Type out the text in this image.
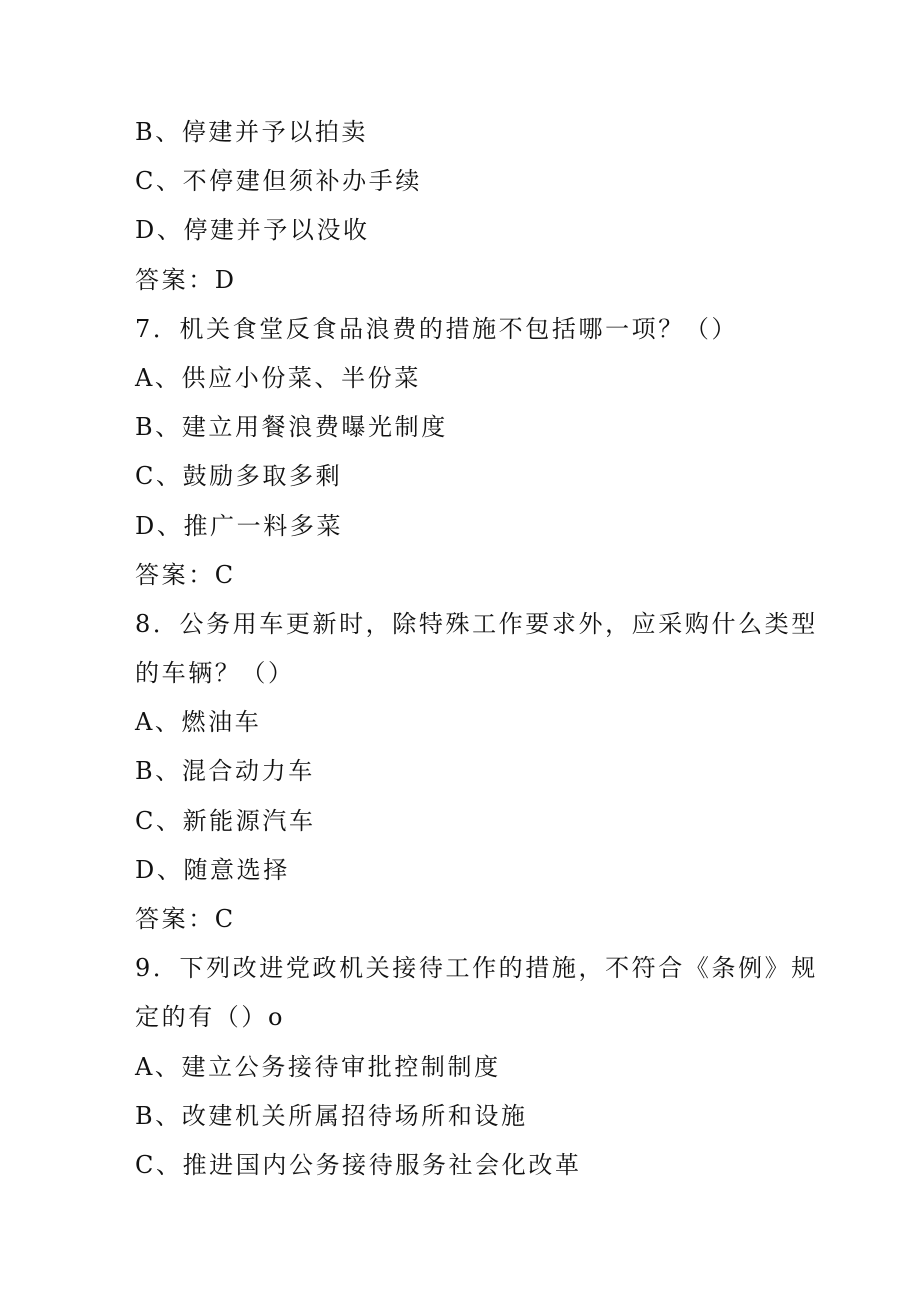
B、停建并予以拍卖
C、不停建但须补办手续
D、停建并予以没收
答案：D
7．机关食堂反食品浪费的措施不包括哪一项？（）
A、供应小份菜、半份菜
B、建立用餐浪费曝光制度
C、鼓励多取多剩
D、推广一料多菜
答案：C
8．公务用车更新时，除特殊工作要求外，应采购什么类型
的车辆？（）
A、燃油车
B、混合动力车
C、新能源汽车
D、随意选择
答案：C
9．下列改进党政机关接待工作的措施，不符合《条例》规
定的有（）o
A、建立公务接待审批控制制度
B、改建机关所属招待场所和设施
C、推进国内公务接待服务社会化改革
